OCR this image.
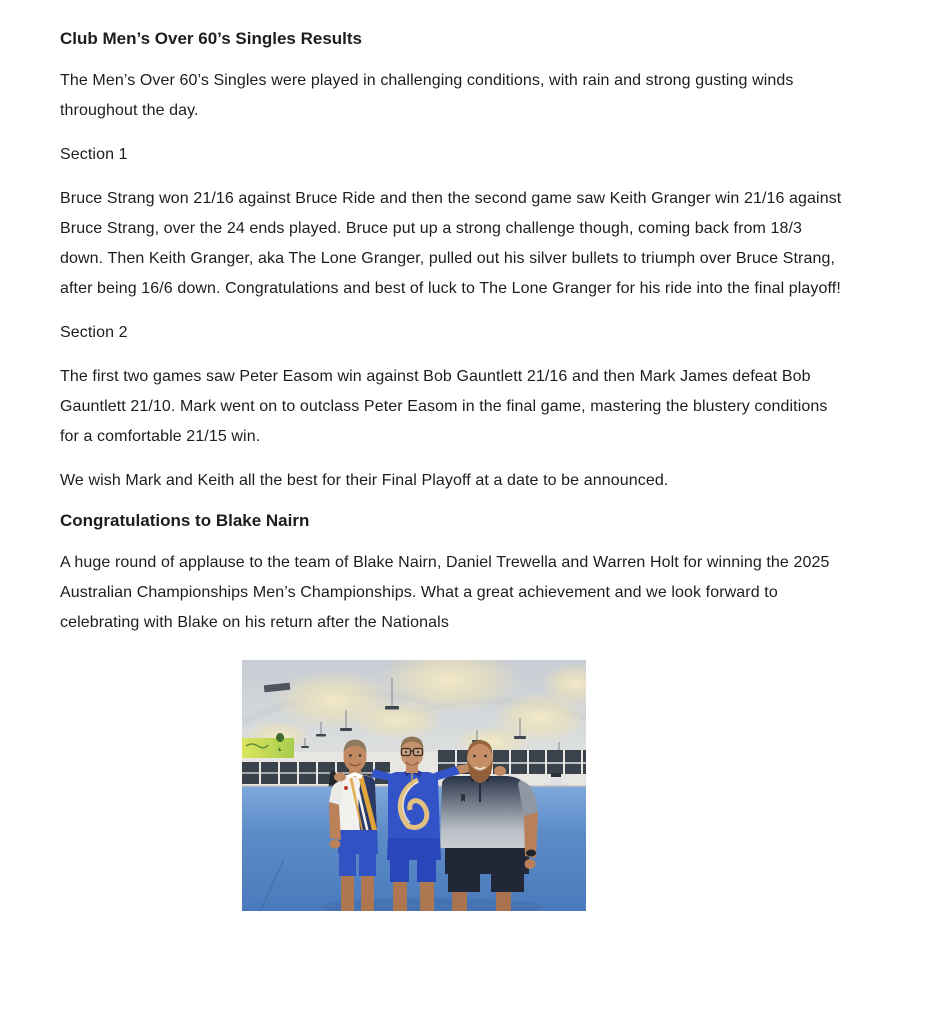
Club Men’s Over 60’s Singles Results

The Men’s Over 60’s Singles were played in challenging conditions, with rain and strong gusting winds throughout the day.

Section 1

Bruce Strang won 21/16 against Bruce Ride and then the second game saw Keith Granger win 21/16 against Bruce Strang, over the 24 ends played. Bruce put up a strong challenge though, coming back from 18/3 down. Then Keith Granger, aka The Lone Granger, pulled out his silver bullets to triumph over Bruce Strang, after being 16/6 down. Congratulations and best of luck to The Lone Granger for his ride into the final playoff!

Section 2

The first two games saw Peter Easom win against Bob Gauntlett 21/16 and then Mark James defeat Bob Gauntlett 21/10. Mark went on to outclass Peter Easom in the final game, mastering the blustery conditions for a comfortable 21/15 win.

We wish Mark and Keith all the best for their Final Playoff at a date to be announced.

Congratulations to Blake Nairn

A huge round of applause to the team of Blake Nairn, Daniel Trewella and Warren Holt for winning the 2025 Australian Championships Men’s Championships. What a great achievement and we look forward to celebrating with Blake on his return after the Nationals
